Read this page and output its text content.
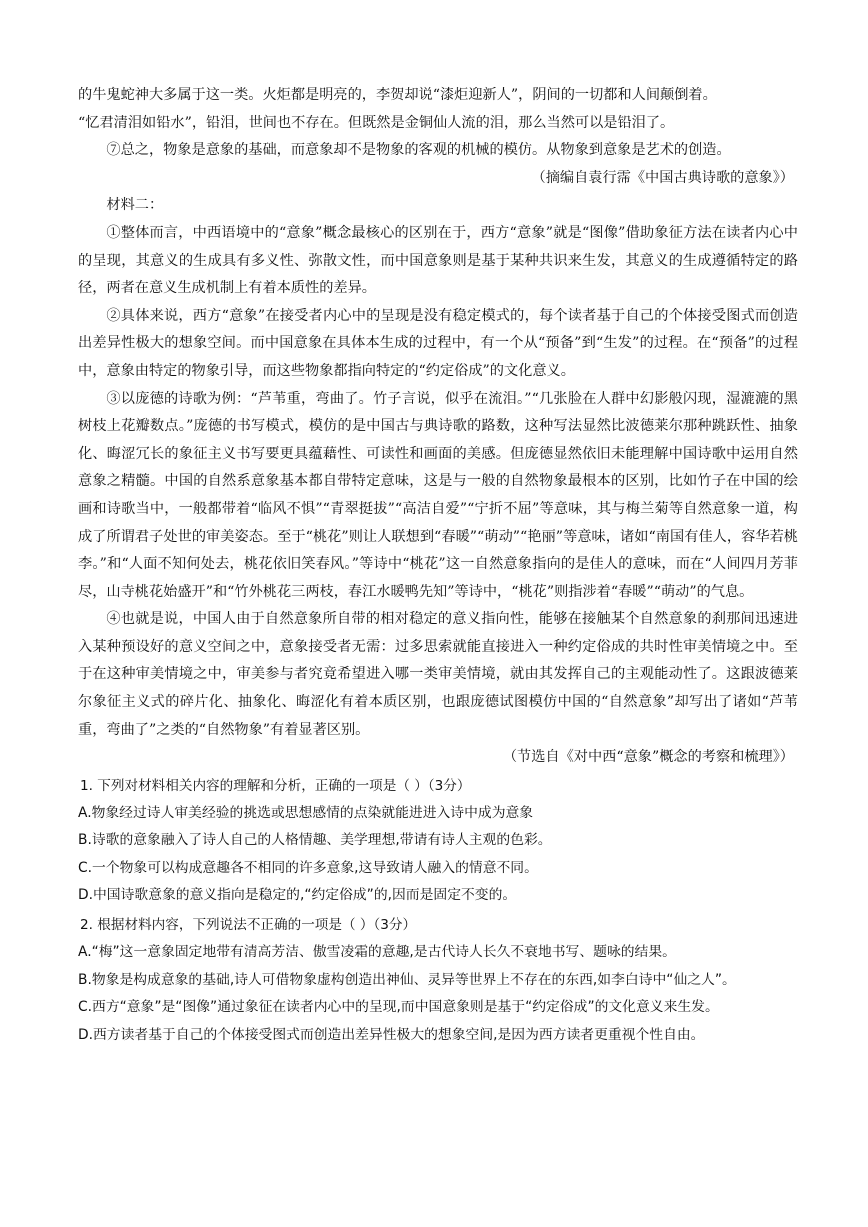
的牛鬼蛇神大多属于这一类。火炬都是明亮的，李贺却说“漆炬迎新人”，阴间的一切都和人间颠倒着。

“忆君清泪如铅水”，铅泪，世间也不存在。但既然是金铜仙人流的泪，那么当然可以是铅泪了。

⑦总之，物象是意象的基础，而意象却不是物象的客观的机械的模仿。从物象到意象是艺术的创造。

（摘编自袁行霈《中国古典诗歌的意象》）

材料二：

①整体而言，中西语境中的“意象”概念最核心的区别在于，西方“意象”就是“图像”借助象征方法在读者内心中的呈现，其意义的生成具有多义性、弥散文性，而中国意象则是基于某种共识来生发，其意义的生成遵循特定的路径，两者在意义生成机制上有着本质性的差异。

②具体来说，西方“意象”在接受者内心中的呈现是没有稳定模式的，每个读者基于自己的个体接受图式而创造出差异性极大的想象空间。而中国意象在具体本生成的过程中，有一个从“预备”到“生发”的过程。在“预备”的过程中，意象由特定的物象引导，而这些物象都指向特定的“约定俗成”的文化意义。

③以庞德的诗歌为例：“芦苇重，弯曲了。竹子言说，似乎在流泪。”“几张脸在人群中幻影般闪现，湿漉漉的黑树枝上花瓣数点。”庞德的书写模式，模仿的是中国古与典诗歌的路数，这种写法显然比波德莱尔那种跳跃性、抽象化、晦涩冗长的象征主义书写要更具蕴藉性、可读性和画面的美感。但庞德显然依旧未能理解中国诗歌中运用自然意象之精髓。中国的自然系意象基本都自带特定意味，这是与一般的自然物象最根本的区别，比如竹子在中国的绘画和诗歌当中，一般都带着“临风不惧”“青翠挺拔”“高洁自爱”“宁折不屈”等意味，其与梅兰菊等自然意象一道，构成了所谓君子处世的审美姿态。至于“桃花”则让人联想到“春暖”“萌动”“艳丽”等意味，诸如“南国有佳人，容华若桃李。”和“人面不知何处去，桃花依旧笑春风。”等诗中“桃花”这一自然意象指向的是佳人的意味，而在“人间四月芳菲尽，山寺桃花始盛开”和“竹外桃花三两枝，春江水暖鸭先知”等诗中，“桃花”则指涉着“春暖”“萌动”的气息。

④也就是说，中国人由于自然意象所自带的相对稳定的意义指向性，能够在接触某个自然意象的刹那间迅速进入某种预设好的意义空间之中，意象接受者无需：过多思索就能直接进入一种约定俗成的共时性审美情境之中。至于在这种审美情境之中，审美参与者究竟希望进入哪一类审美情境，就由其发挥自己的主观能动性了。这跟波德莱尔象征主义式的碎片化、抽象化、晦涩化有着本质区别，也跟庞德试图模仿中国的“自然意象”却写出了诸如“芦苇重，弯曲了”之类的“自然物象”有着显著区别。

（节选自《对中西“意象”概念的考察和梳理》）

1. 下列对材料相关内容的理解和分析，正确的一项是（ ）（3分）

A.物象经过诗人审美经验的挑选或思想感情的点染就能进进入诗中成为意象

B.诗歌的意象融入了诗人自己的人格情趣、美学理想,带请有诗人主观的色彩。

C.一个物象可以构成意趣各不相同的许多意象,这导致请人融入的情意不同。

D.中国诗歌意象的意义指向是稳定的,“约定俗成”的,因而是固定不变的。

2. 根据材料内容，下列说法不正确的一项是（ ）（3分）

A.“梅”这一意象固定地带有清高芳洁、傲雪凌霜的意趣,是古代诗人长久不衰地书写、题咏的结果。

B.物象是构成意象的基础,诗人可借物象虚构创造出神仙、灵异等世界上不存在的东西,如李白诗中“仙之人”。

C.西方“意象”是“图像”通过象征在读者内心中的呈现,而中国意象则是基于“约定俗成”的文化意义来生发。

D.西方读者基于自己的个体接受图式而创造出差异性极大的想象空间,是因为西方读者更重视个性自由。
